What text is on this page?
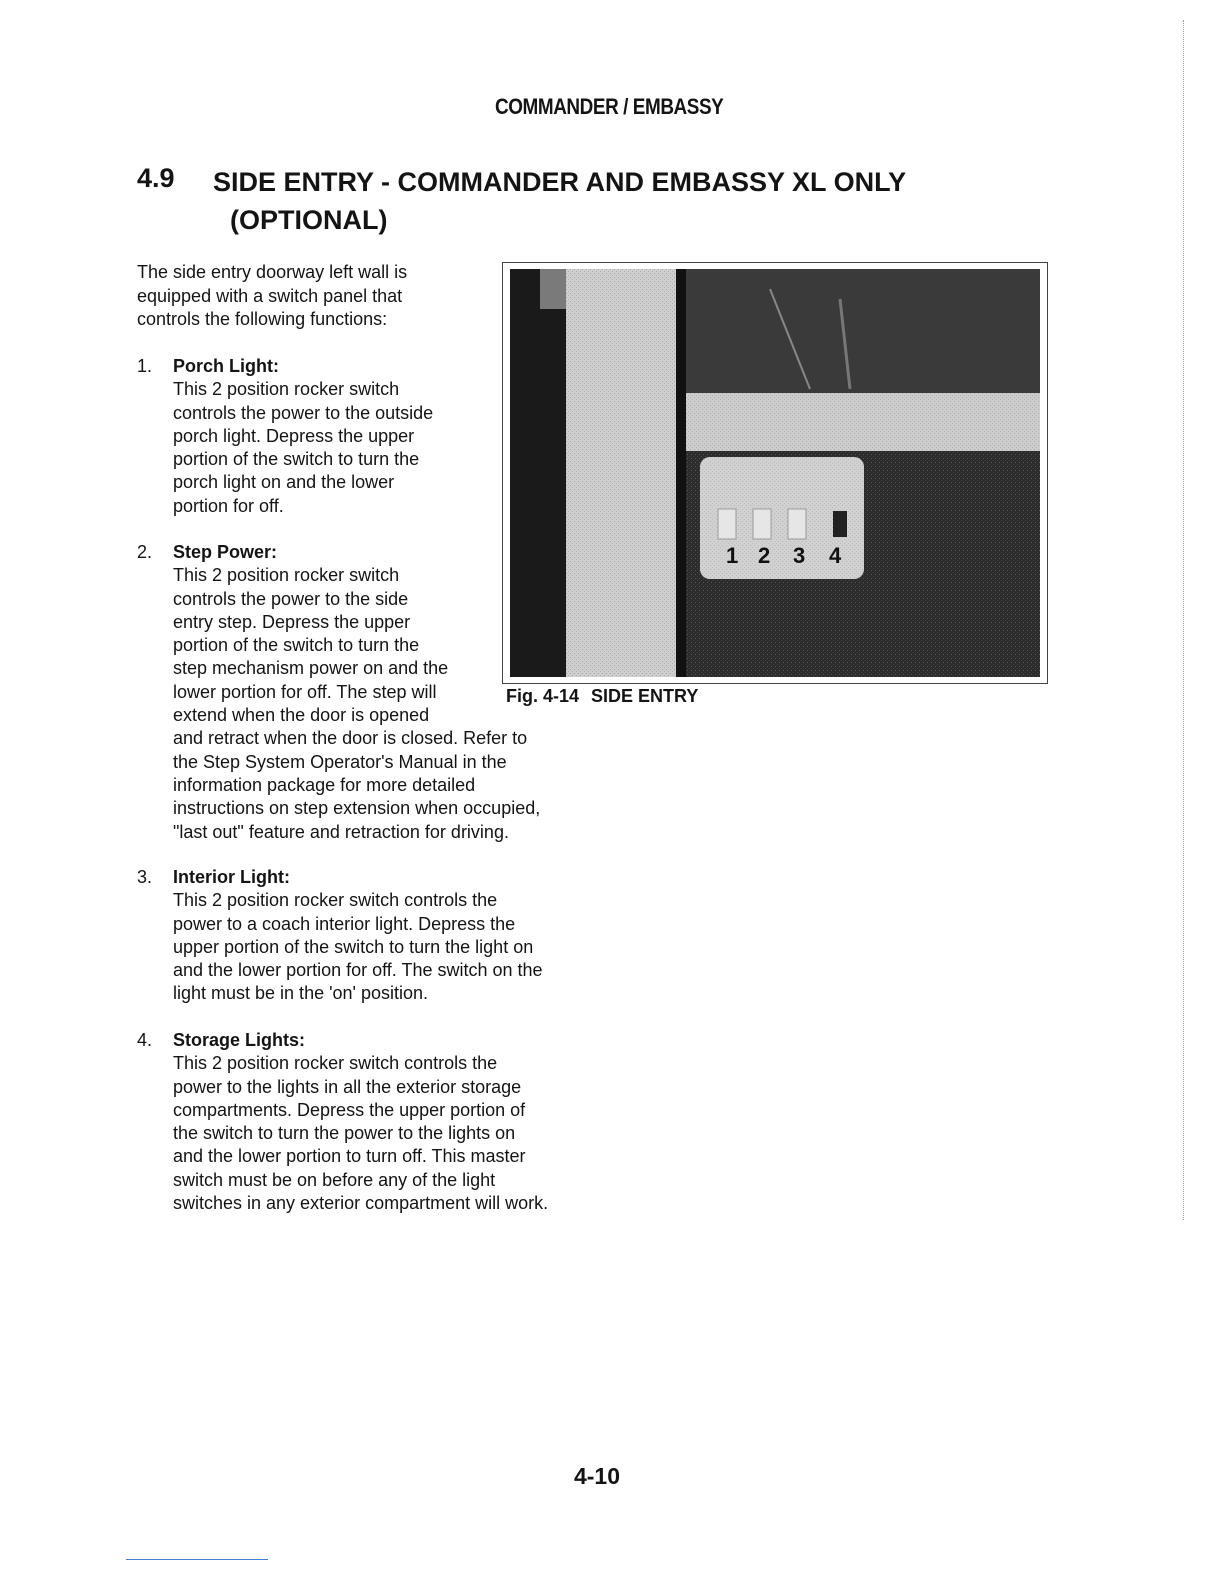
COMMANDER / EMBASSY
4.9 SIDE ENTRY - COMMANDER AND EMBASSY XL ONLY
(OPTIONAL)
The side entry doorway left wall is
equipped with a switch panel that
controls the following functions:
1.	Porch Light:
This 2 position rocker switch
controls the power to the outside
porch light. Depress the upper
portion of the switch to turn the
porch light on and the lower
portion for off.
2.	Step Power:
This 2 position rocker switch
controls the power to the side
entry step. Depress the upper
portion of the switch to turn the
step mechanism power on and the
lower portion for off. The step will
extend when the door is opened
and retract when the door is closed. Refer to
the Step System Operator's Manual in the
information package for more detailed
instructions on step extension when occupied,
"last out" feature and retraction for driving.
3.	Interior Light:
This 2 position rocker switch controls the
power to a coach interior light. Depress the
upper portion of the switch to turn the light on
and the lower portion for off. The switch on the
light must be in the 'on' position.
4.	Storage Lights:
This 2 position rocker switch controls the
power to the lights in all the exterior storage
compartments. Depress the upper portion of
the switch to turn the power to the lights on
and the lower portion to turn off. This master
switch must be on before any of the light
switches in any exterior compartment will work.
1 2 3 4
Fig. 4-14 SIDE ENTRY
4-10
